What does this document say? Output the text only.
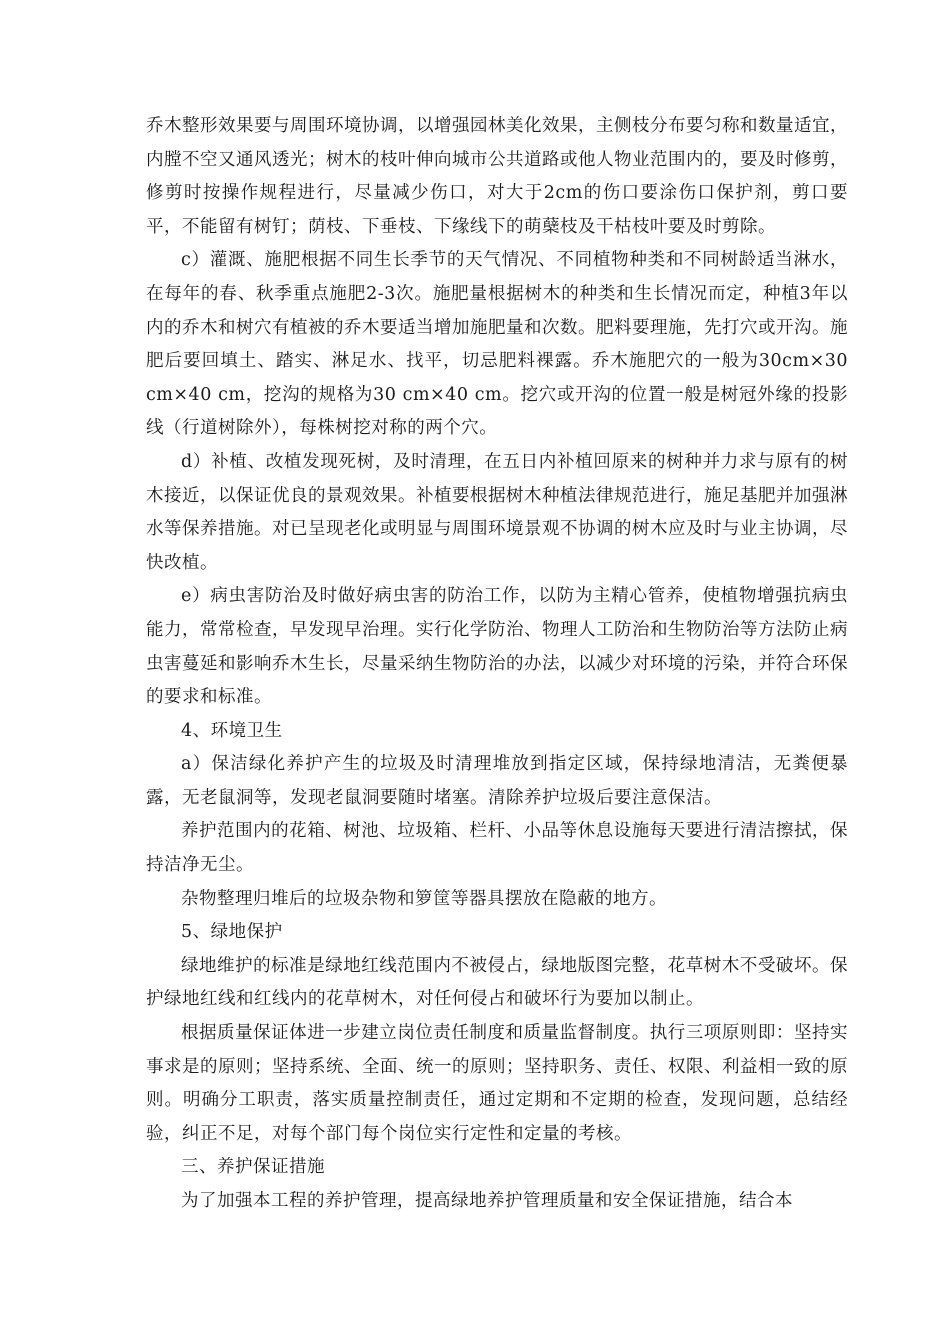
乔木整形效果要与周围环境协调，以增强园林美化效果，主侧枝分布要匀称和数量适宜，内膛不空又通风透光；树木的枝叶伸向城市公共道路或他人物业范围内的，要及时修剪，修剪时按操作规程进行，尽量减少伤口，对大于2cm的伤口要涂伤口保护剂，剪口要平，不能留有树钉；荫枝、下垂枝、下缘线下的萌蘖枝及干枯枝叶要及时剪除。

c）灌溉、施肥根据不同生长季节的天气情况、不同植物种类和不同树龄适当淋水，在每年的春、秋季重点施肥2-3次。施肥量根据树木的种类和生长情况而定，种植3年以内的乔木和树穴有植被的乔木要适当增加施肥量和次数。肥料要理施，先打穴或开沟。施肥后要回填土、踏实、淋足水、找平，切忌肥料裸露。乔木施肥穴的一般为30cm×30 cm×40 cm，挖沟的规格为30 cm×40 cm。挖穴或开沟的位置一般是树冠外缘的投影线（行道树除外），每株树挖对称的两个穴。

d）补植、改植发现死树，及时清理，在五日内补植回原来的树种并力求与原有的树木接近，以保证优良的景观效果。补植要根据树木种植法律规范进行，施足基肥并加强淋水等保养措施。对已呈现老化或明显与周围环境景观不协调的树木应及时与业主协调，尽快改植。

e）病虫害防治及时做好病虫害的防治工作，以防为主精心管养，使植物增强抗病虫能力，常常检查，早发现早治理。实行化学防治、物理人工防治和生物防治等方法防止病虫害蔓延和影响乔木生长，尽量采纳生物防治的办法，以减少对环境的污染，并符合环保的要求和标准。

4、环境卫生

a）保洁绿化养护产生的垃圾及时清理堆放到指定区域，保持绿地清洁，无粪便暴露，无老鼠洞等，发现老鼠洞要随时堵塞。清除养护垃圾后要注意保洁。

养护范围内的花箱、树池、垃圾箱、栏杆、小品等休息设施每天要进行清洁擦拭，保持洁净无尘。

杂物整理归堆后的垃圾杂物和箩筐等器具摆放在隐蔽的地方。

5、绿地保护

绿地维护的标准是绿地红线范围内不被侵占，绿地版图完整，花草树木不受破坏。保护绿地红线和红线内的花草树木，对任何侵占和破坏行为要加以制止。

根据质量保证体进一步建立岗位责任制度和质量监督制度。执行三项原则即：坚持实事求是的原则；坚持系统、全面、统一的原则；坚持职务、责任、权限、利益相一致的原则。明确分工职责，落实质量控制责任，通过定期和不定期的检查，发现问题，总结经验，纠正不足，对每个部门每个岗位实行定性和定量的考核。

三、养护保证措施

为了加强本工程的养护管理，提高绿地养护管理质量和安全保证措施，结合本
